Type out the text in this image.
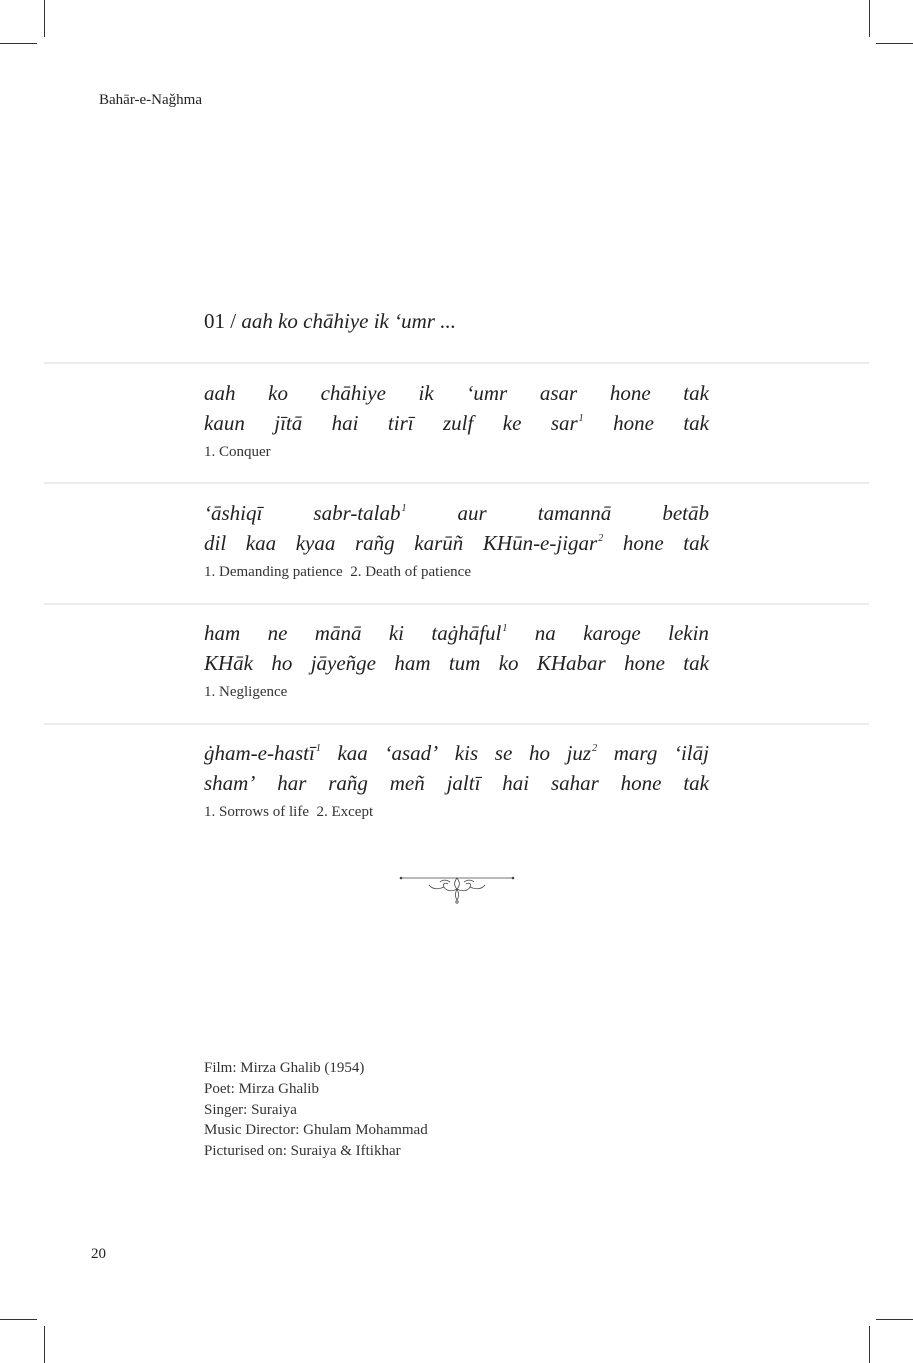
Bahār-e-Naǧhma
01 / aah ko chāhiye ik ‘umr ...
aah ko chāhiye ik ‘umr asar hone tak
kaun jītā hai tirī zulf ke sar$^1$ hone tak
1. Conquer
‘āshiqī sabr-talab$^1$ aur tamannā betāb
dil kaa kyaa rañg karūñ KHūn-e-jigar$^2$ hone tak
1. Demanding patience  2. Death of patience
ham ne mānā ki taġhāful$^1$ na karoge lekin
KHāk ho jāyeñge ham tum ko KHabar hone tak
1. Negligence
ġham-e-hastī$^1$ kaa ‘asad’ kis se ho juz$^2$ marg ‘ilāj
sham’ har rañg meñ jaltī hai sahar hone tak
1. Sorrows of life  2. Except
Film: Mirza Ghalib (1954)
Poet: Mirza Ghalib
Singer: Suraiya
Music Director: Ghulam Mohammad
Picturised on: Suraiya & Iftikhar
20
